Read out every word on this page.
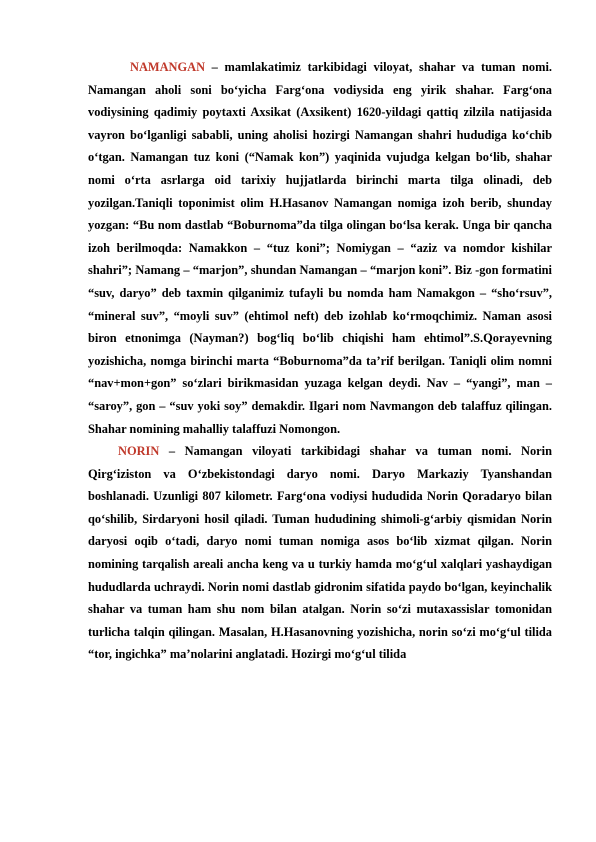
NAMANGAN – mamlakatimiz tarkibidagi viloyat, shahar va tuman nomi. Namangan aholi soni bo‘yicha Farg‘ona vodiysida eng yirik shahar. Farg‘ona vodiysining qadimiy poytaxti Axsikat (Axsikent) 1620-yildagi qattiq zilzila natijasida vayron bo‘lganligi sababli, uning aholisi hozirgi Namangan shahri hududiga ko‘chib o‘tgan. Namangan tuz koni (“Namak kon”) yaqinida vujudga kelgan bo‘lib, shahar nomi o‘rta asrlarga oid tarixiy hujjatlarda birinchi marta tilga olinadi, deb yozilgan.Taniqli toponimist olim H.Hasanov Namangan nomiga izoh berib, shunday yozgan: “Bu nom dastlab “Boburnoma”da tilga olingan bo‘lsa kerak. Unga bir qancha izoh berilmoqda: Namakkon – “tuz koni”; Nomiygan – “aziz va nomdor kishilar shahri”; Namang – “marjon”, shundan Namangan – “marjon koni”. Biz -gon formatini “suv, daryo” deb taxmin qilganimiz tufayli bu nomda ham Namakgon – “sho‘rsuv”, “mineral suv”, “moyli suv” (ehtimol neft) deb izohlab ko‘rmoqchimiz. Naman asosi biron etnonimga (Nayman?) bog‘liq bo‘lib chiqishi ham ehtimol”.S.Qorayevning yozishicha, nomga birinchi marta “Boburnoma”da ta’rif berilgan. Taniqli olim nomni “nav+mon+gon” so‘zlari birikmasidan yuzaga kelgan deydi. Nav – “yangi”, man – “saroy”, gon – “suv yoki soy” demakdir. Ilgari nom Navmangon deb talaffuz qilingan. Shahar nomining mahalliy talaffuzi Nomongon.

NORIN – Namangan viloyati tarkibidagi shahar va tuman nomi. Norin Qirg‘iziston va O‘zbekistondagi daryo nomi. Daryo Markaziy Tyanshandan boshlanadi. Uzunligi 807 kilometr. Farg‘ona vodiysi hududida Norin Qoradaryo bilan qo‘shilib, Sirdaryoni hosil qiladi. Tuman hududining shimoli-g‘arbiy qismidan Norin daryosi oqib o‘tadi, daryo nomi tuman nomiga asos bo‘lib xizmat qilgan. Norin nomining tarqalish areali ancha keng va u turkiy hamda mo‘g‘ul xalqlari yashaydigan hududlarda uchraydi. Norin nomi dastlab gidronim sifatida paydo bo‘lgan, keyinchalik shahar va tuman ham shu nom bilan atalgan. Norin so‘zi mutaxassislar tomonidan turlicha talqin qilingan. Masalan, H.Hasanovning yozishicha, norin so‘zi mo‘g‘ul tilida “tor, ingichka” ma’nolarini anglatadi. Hozirgi mo‘g‘ul tilida
